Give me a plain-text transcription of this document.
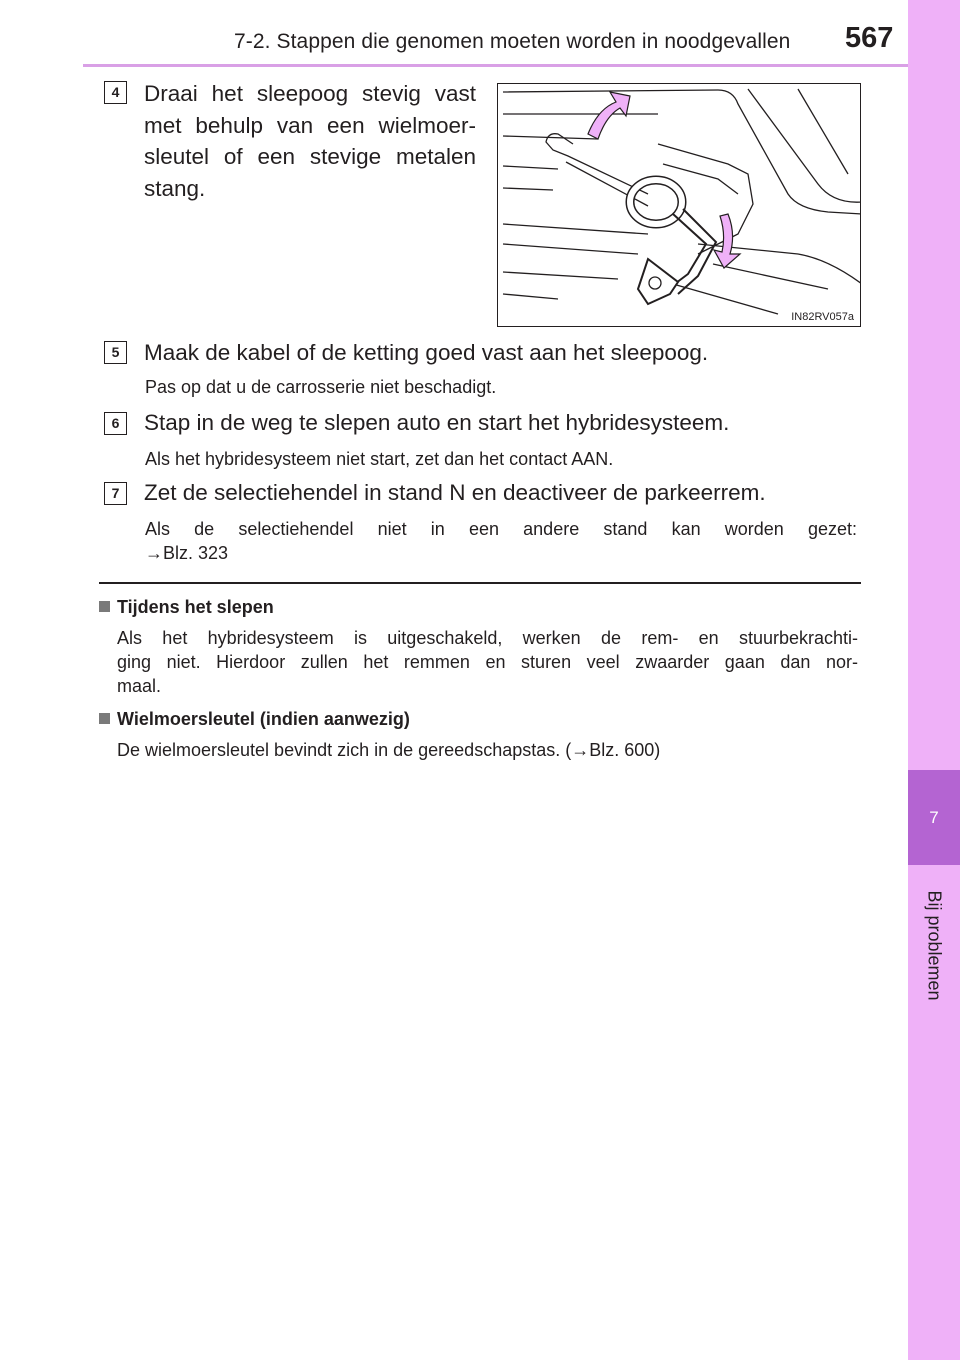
7-2. Stappen die genomen moeten worden in noodgevallen 567
7
Bij problemen
4	Draai het sleepoog stevig vast
met behulp van een wielmoer-
sleutel of een stevige metalen
stang.
IN82RV057a
5	Maak de kabel of de ketting goed vast aan het sleepoog.
Pas op dat u de carrosserie niet beschadigt.
6	Stap in de weg te slepen auto en start het hybridesysteem.
Als het hybridesysteem niet start, zet dan het contact AAN.
7	Zet de selectiehendel in stand N en deactiveer de parkeerrem.
Als de selectiehendel niet in een andere stand kan worden gezet:
→Blz. 323
Tijdens het slepen
Als het hybridesysteem is uitgeschakeld, werken de rem- en stuurbekrachti-
ging niet. Hierdoor zullen het remmen en sturen veel zwaarder gaan dan nor-
maal.
Wielmoersleutel (indien aanwezig)
De wielmoersleutel bevindt zich in de gereedschapstas. (→Blz. 600)
